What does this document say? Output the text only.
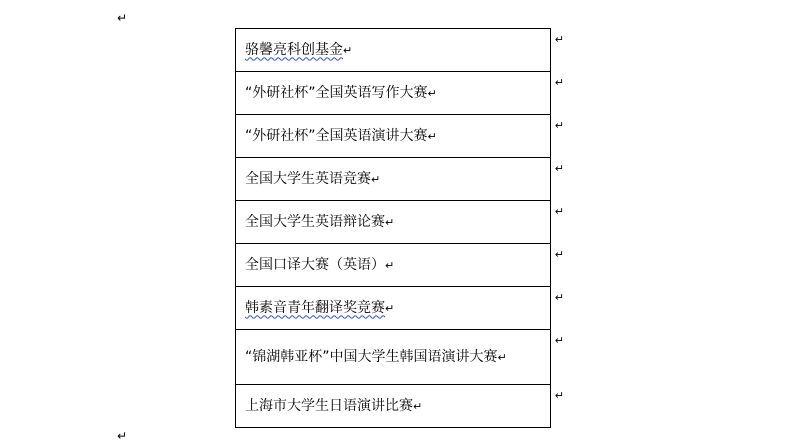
↵
骆馨亮科创基金↵
↵

“外研社杯”全国英语写作大赛↵
↵

“外研社杯”全国英语演讲大赛↵
↵

全国大学生英语竞赛↵
↵

全国大学生英语辩论赛↵
↵

全国口译大赛（英语）↵
↵

韩素音青年翻译奖竞赛↵
↵

“锦湖韩亚杯”中国大学生韩国语演讲大赛↵
↵

上海市大学生日语演讲比赛↵
↵
↵
